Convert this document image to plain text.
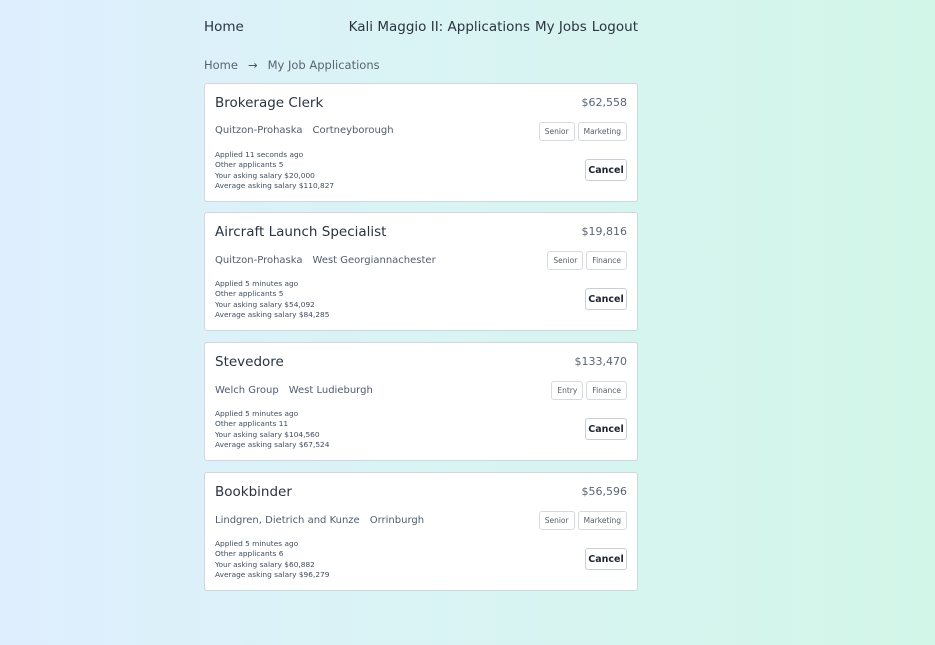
Home	Kali Maggio II: Applications My Jobs Logout
Home → My Job Applications
Brokerage Clerk	$62,558
Quitzon-Prohaska Cortneyborough	Senior	Marketing
Applied 11 seconds ago
Other applicants 5
Your asking salary $20,000
Average asking salary $110,827
Cancel
Aircraft Launch Specialist	$19,816
Quitzon-Prohaska West Georgiannachester	Senior	Finance
Applied 5 minutes ago
Other applicants 5
Your asking salary $54,092
Average asking salary $84,285
Cancel
Stevedore	$133,470
Welch Group West Ludieburgh	Entry	Finance
Applied 5 minutes ago
Other applicants 11
Your asking salary $104,560
Average asking salary $67,524
Cancel
Bookbinder	$56,596
Lindgren, Dietrich and Kunze Orrinburgh	Senior	Marketing
Applied 5 minutes ago
Other applicants 6
Your asking salary $60,882
Average asking salary $96,279
Cancel
